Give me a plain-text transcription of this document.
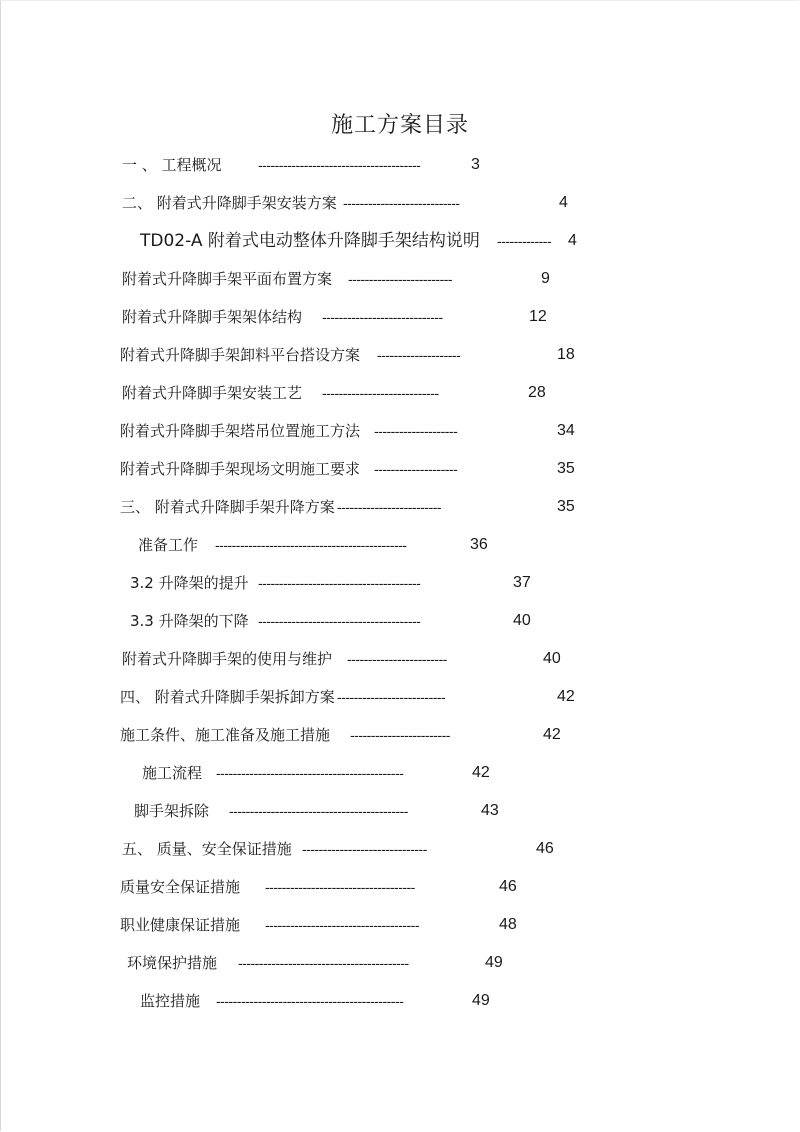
施工方案目录
一 、 工程概况	---------------------------------------	3
二、 附着式升降脚手架安装方案 ----------------------------	4
TD02-A 附着式电动整体升降脚手架结构说明 -------------	4
附着式升降脚手架平面布置方案 -------------------------	9
附着式升降脚手架架体结构 -----------------------------	12
附着式升降脚手架卸料平台搭设方案 --------------------	18
附着式升降脚手架安装工艺 ----------------------------	28
附着式升降脚手架塔吊位置施工方法 --------------------	34
附着式升降脚手架现场文明施工要求 --------------------	35
三、 附着式升降脚手架升降方案 -------------------------	35
准备工作 ----------------------------------------------	36
3.2 升降架的提升 ---------------------------------------	37
3.3 升降架的下降 ---------------------------------------	40
附着式升降脚手架的使用与维护 ------------------------	40
四、 附着式升降脚手架拆卸方案 --------------------------	42
施工条件、施工准备及施工措施 ------------------------	42
施工流程 ---------------------------------------------	42
脚手架拆除 -------------------------------------------	43
五、 质量、安全保证措施 ------------------------------	46
质量安全保证措施 ------------------------------------	46
职业健康保证措施 -------------------------------------	48
环境保护措施 -----------------------------------------	49
监控措施 ---------------------------------------------	49
